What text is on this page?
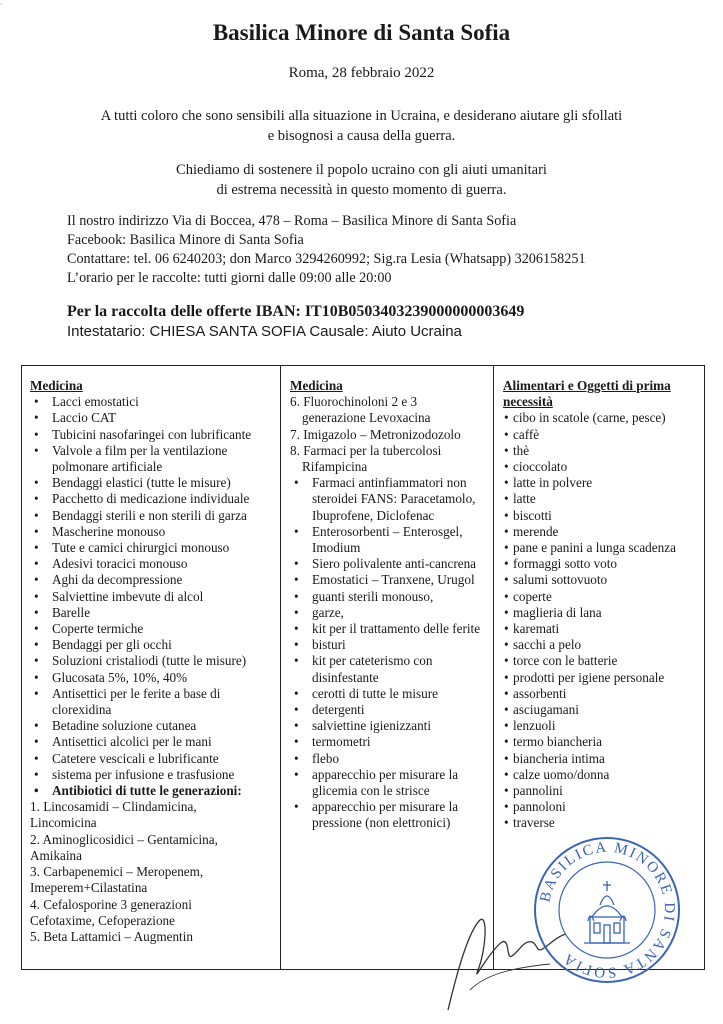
·
Basilica Minore di Santa Sofia
Roma, 28 febbraio 2022
A tutti coloro che sono sensibili alla situazione in Ucraina, e desiderano aiutare gli sfollati
e bisognosi a causa della guerra.
Chiediamo di sostenere il popolo ucraino con gli aiuti umanitari
di estrema necessità in questo momento di guerra.
Il nostro indirizzo Via di Boccea, 478 – Roma – Basilica Minore di Santa Sofia
Facebook: Basilica Minore di Santa Sofia
Contattare: tel. 06 6240203; don Marco 3294260992; Sig.ra Lesia (Whatsapp) 3206158251
L’orario per le raccolte: tutti giorni dalle 09:00 alle 20:00
Per la raccolta delle offerte IBAN: IT10B0503403239000000003649
Intestatario: CHIESA SANTA SOFIA Causale: Aiuto Ucraina
Medicina
• Lacci emostatici
• Laccio CAT
• Tubicini nasofaringei con lubrificante
• Valvole a film per la ventilazione polmonare artificiale
• Bendaggi elastici (tutte le misure)
• Pacchetto di medicazione individuale
• Bendaggi sterili e non sterili di garza
• Mascherine monouso
• Tute e camici chirurgici monouso
• Adesivi toracici monouso
• Aghi da decompressione
• Salviettine imbevute di alcol
• Barelle
• Coperte termiche
• Bendaggi per gli occhi
• Soluzioni cristaliodi (tutte le misure)
• Glucosata 5%, 10%, 40%
• Antisettici per le ferite a base di clorexidina
• Betadine soluzione cutanea
• Antisettici alcolici per le mani
• Catetere vescicali e lubrificante
• sistema per infusione e trasfusione
• Antibiotici di tutte le generazioni:
1. Lincosamidi – Clindamicina,
Lincomicina
2. Aminoglicosidici – Gentamicina,
Amikaina
3. Carbapenemici – Meropenem,
Imeperem+Cilastatina
4. Cefalosporine 3 generazioni
Cefotaxime, Cefoperazione
5. Beta Lattamici – Augmentin
Medicina
6. Fluorochinoloni 2 e 3
generazione Levoxacina
7. Imigazolo – Metronizodozolo
8. Farmaci per la tubercolosi
Rifampicina
• Farmaci antinfiammatori non steroidei FANS: Paracetamolo, Ibuprofene, Diclofenac
• Enterosorbenti – Enterosgel, Imodium
• Siero polivalente anti-cancrena
• Emostatici – Tranxene, Urugol
• guanti sterili monouso,
• garze,
• kit per il trattamento delle ferite
• bisturi
• kit per cateterismo con disinfestante
• cerotti di tutte le misure
• detergenti
• salviettine igienizzanti
• termometri
• flebo
• apparecchio per misurare la glicemia con le strisce
• apparecchio per misurare la pressione (non elettronici)
Alimentari e Oggetti di prima necessità
• cibo in scatole (carne, pesce)
• caffè
• thè
• cioccolato
• latte in polvere
• latte
• biscotti
• merende
• pane e panini a lunga scadenza
• formaggi sotto voto
• salumi sottovuoto
• coperte
• maglieria di lana
• karemati
• sacchi a pelo
• torce con le batterie
• prodotti per igiene personale
• assorbenti
• asciugamani
• lenzuoli
• termo biancheria
• biancheria intima
• calze uomo/donna
• pannolini
• pannoloni
• traverse
BASILICA MINORE DI SANTA SOFIA
